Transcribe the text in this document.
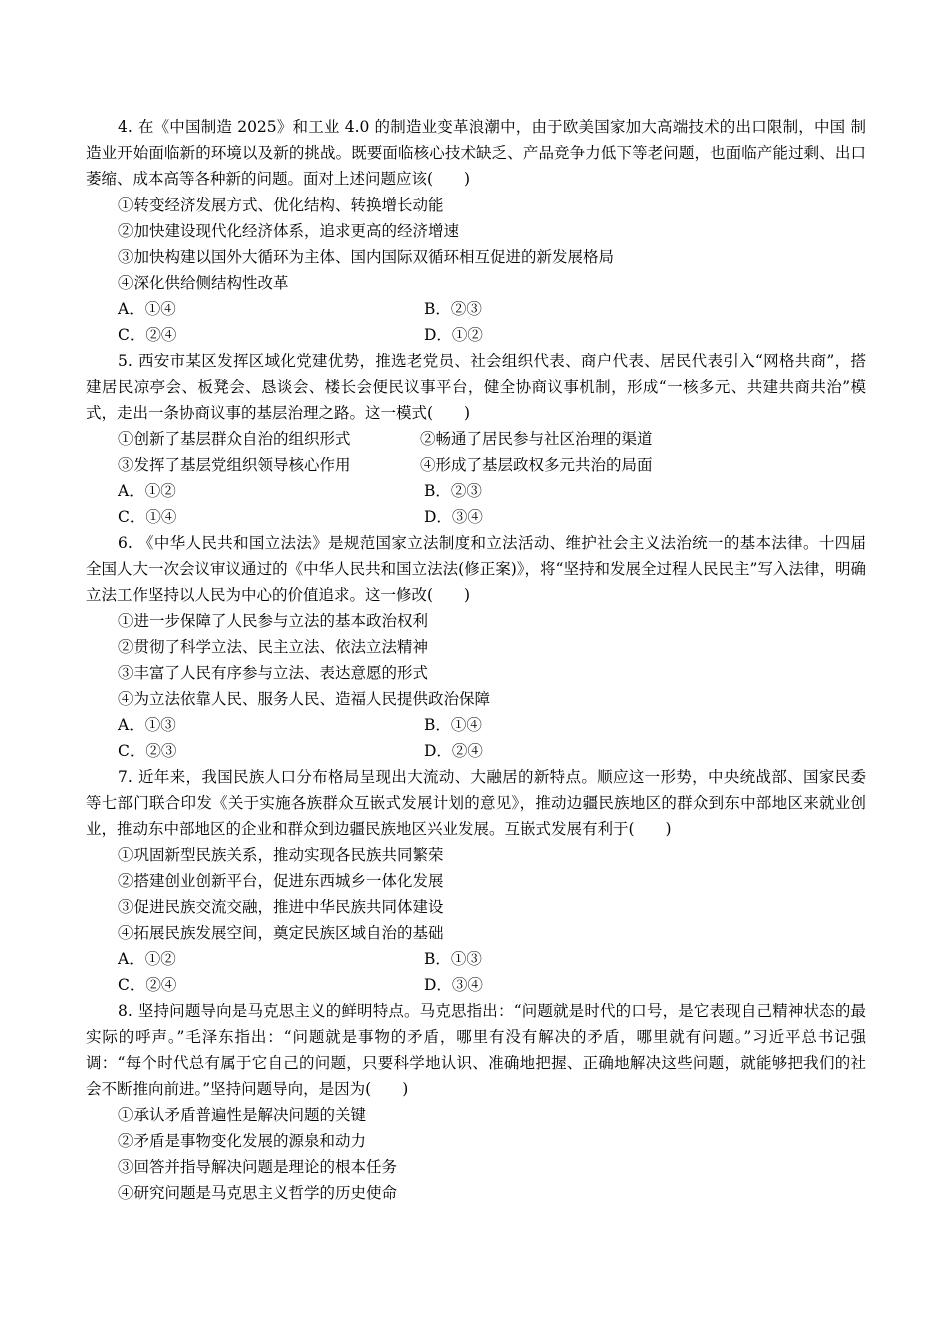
4. 在《中国制造 2025》和工业 4.0 的制造业变革浪潮中，由于欧美国家加大高端技术的出口限制，中国 制造业开始面临新的环境以及新的挑战。既要面临核心技术缺乏、产品竞争力低下等老问题，也面临产能过剩、出口萎缩、成本高等各种新的问题。面对上述问题应该(　　)

①转变经济发展方式、优化结构、转换增长动能

②加快建设现代化经济体系，追求更高的经济增速

③加快构建以国外大循环为主体、国内国际双循环相互促进的新发展格局

④深化供给侧结构性改革

A．①④	B．②③
C．②④	D．①②

5. 西安市某区发挥区域化党建优势，推选老党员、社会组织代表、商户代表、居民代表引入“网格共商”，搭建居民凉亭会、板凳会、恳谈会、楼长会便民议事平台，健全协商议事机制，形成“一核多元、共建共商共治”模式，走出一条协商议事的基层治理之路。这一模式(　　)

①创新了基层群众自治的组织形式	②畅通了居民参与社区治理的渠道
③发挥了基层党组织领导核心作用	④形成了基层政权多元共治的局面
A．①②	B．②③
C．①④	D．③④

6. 《中华人民共和国立法法》是规范国家立法制度和立法活动、维护社会主义法治统一的基本法律。十四届全国人大一次会议审议通过的《中华人民共和国立法法(修正案)》，将“坚持和发展全过程人民民主”写入法律，明确立法工作坚持以人民为中心的价值追求。这一修改(　　)

①进一步保障了人民参与立法的基本政治权利

②贯彻了科学立法、民主立法、依法立法精神

③丰富了人民有序参与立法、表达意愿的形式

④为立法依靠人民、服务人民、造福人民提供政治保障

A．①③	B．①④
C．②③	D．②④

7. 近年来，我国民族人口分布格局呈现出大流动、大融居的新特点。顺应这一形势，中央统战部、国家民委等七部门联合印发《关于实施各族群众互嵌式发展计划的意见》，推动边疆民族地区的群众到东中部地区来就业创业，推动东中部地区的企业和群众到边疆民族地区兴业发展。互嵌式发展有利于(　　)

①巩固新型民族关系，推动实现各民族共同繁荣

②搭建创业创新平台，促进东西城乡一体化发展

③促进民族交流交融，推进中华民族共同体建设

④拓展民族发展空间，奠定民族区域自治的基础

A．①②	B．①③
C．②④	D．③④

8. 坚持问题导向是马克思主义的鲜明特点。马克思指出：“问题就是时代的口号，是它表现自己精神状态的最实际的呼声。”毛泽东指出：“问题就是事物的矛盾，哪里有没有解决的矛盾，哪里就有问题。”习近平总书记强调：“每个时代总有属于它自己的问题，只要科学地认识、准确地把握、正确地解决这些问题，就能够把我们的社会不断推向前进。”坚持问题导向，是因为(　　)

①承认矛盾普遍性是解决问题的关键

②矛盾是事物变化发展的源泉和动力

③回答并指导解决问题是理论的根本任务

④研究问题是马克思主义哲学的历史使命
